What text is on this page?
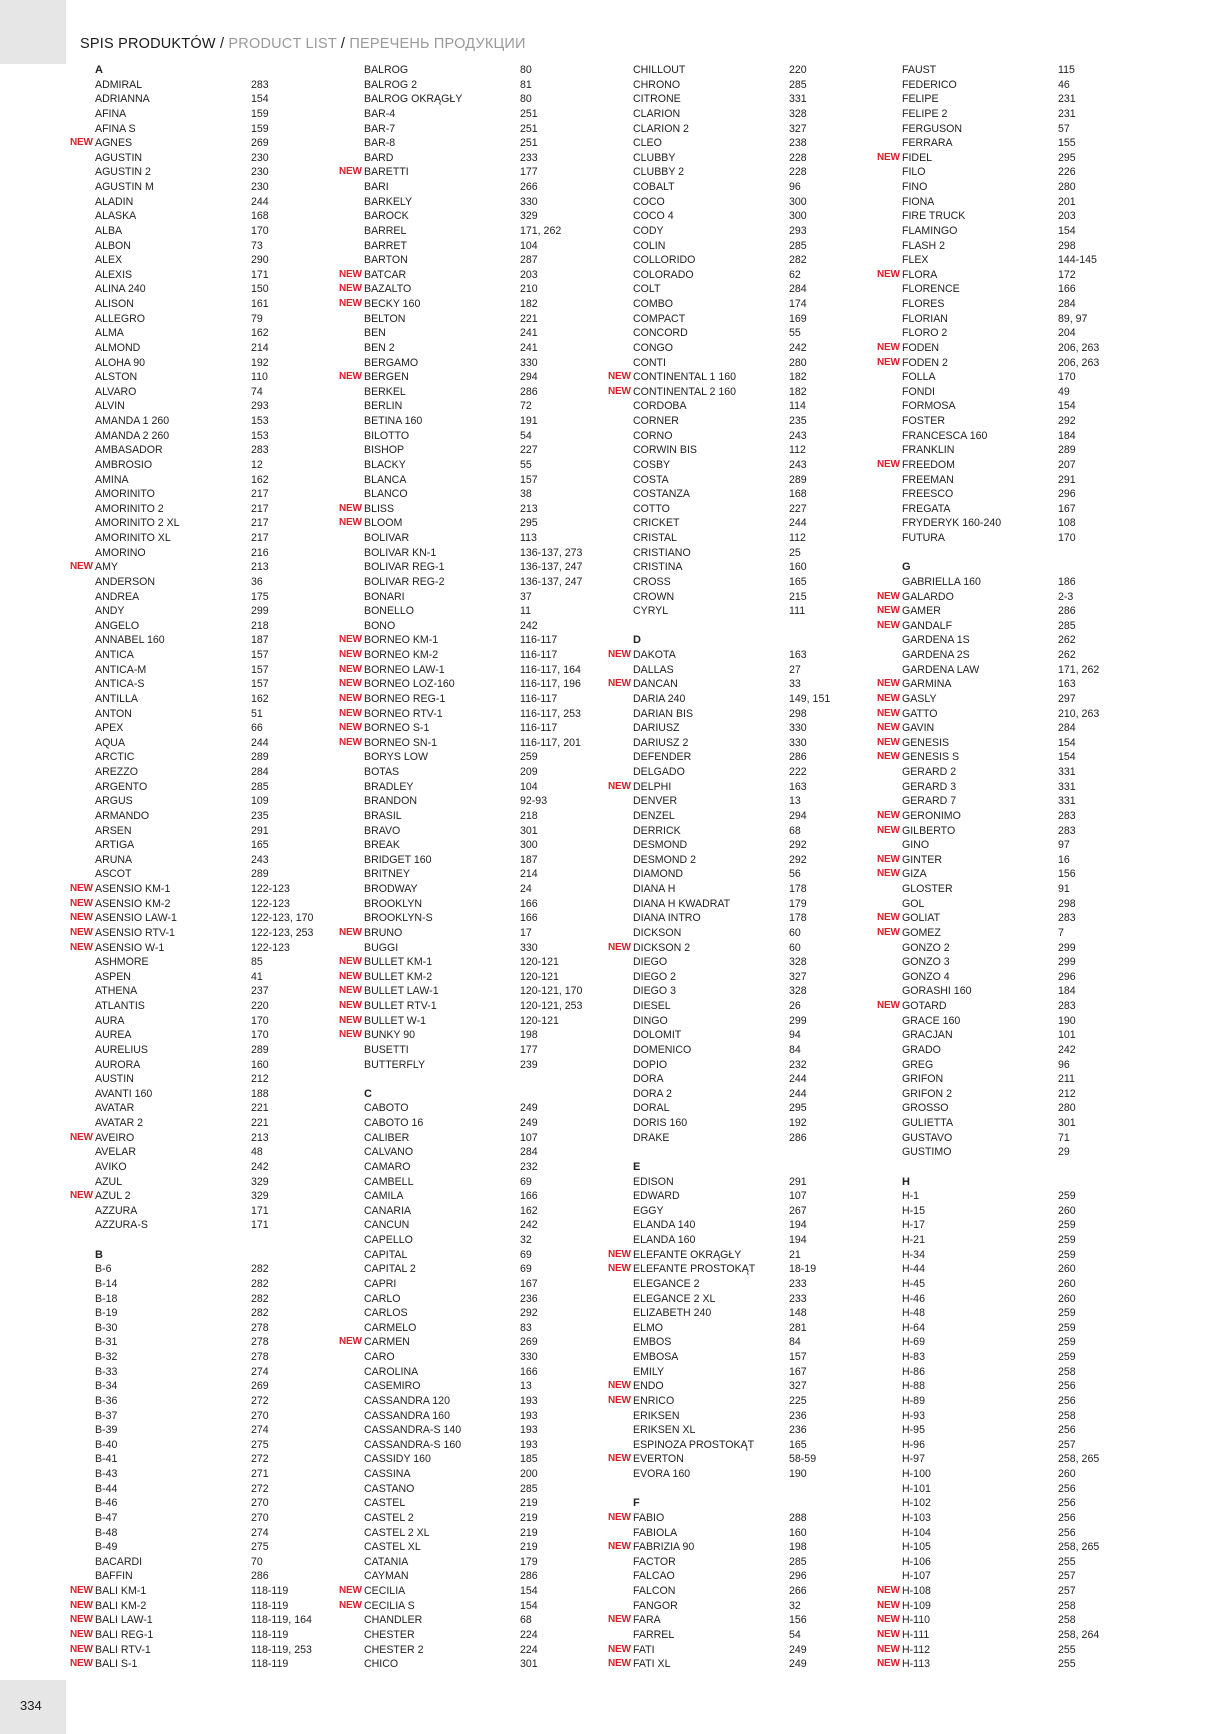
SPIS PRODUKTÓW / PRODUCT LIST / ПЕРЕЧЕНЬ ПРОДУКЦИИ
A
ADMIRAL	283
ADRIANNA	154
AFINA	159
AFINA S	159
NEW AGNES	269
AGUSTIN	230
AGUSTIN 2	230
AGUSTIN M	230
ALADIN	244
ALASKA	168
ALBA	170
ALBON	73
ALEX	290
ALEXIS	171
ALINA 240	150
ALISON	161
ALLEGRO	79
ALMA	162
ALMOND	214
ALOHA 90	192
ALSTON	110
ALVARO	74
ALVIN	293
AMANDA 1 260	153
AMANDA 2 260	153
AMBASADOR	283
AMBROSIO	12
AMINA	162
AMORINITO	217
AMORINITO 2	217
AMORINITO 2 XL	217
AMORINITO XL	217
AMORINO	216
NEW AMY	213
ANDERSON	36
ANDREA	175
ANDY	299
ANGELO	218
ANNABEL 160	187
ANTICA	157
ANTICA-M	157
ANTICA-S	157
ANTILLA	162
ANTON	51
APEX	66
AQUA	244
ARCTIC	289
AREZZO	284
ARGENTO	285
ARGUS	109
ARMANDO	235
ARSEN	291
ARTIGA	165
ARUNA	243
ASCOT	289
NEW ASENSIO KM-1	122-123
NEW ASENSIO KM-2	122-123
NEW ASENSIO LAW-1	122-123, 170
NEW ASENSIO RTV-1	122-123, 253
NEW ASENSIO W-1	122-123
ASHMORE	85
ASPEN	41
ATHENA	237
ATLANTIS	220
AURA	170
AUREA	170
AURELIUS	289
AURORA	160
AUSTIN	212
AVANTI 160	188
AVATAR	221
AVATAR 2	221
NEW AVEIRO	213
AVELAR	48
AVIKO	242
AZUL	329
NEW AZUL 2	329
AZZURA	171
AZZURA-S	171
B
B-6	282
B-14	282
B-18	282
B-19	282
B-30	278
B-31	278
B-32	278
B-33	274
B-34	269
B-36	272
B-37	270
B-39	274
B-40	275
B-41	272
B-43	271
B-44	272
B-46	270
B-47	270
B-48	274
B-49	275
BACARDI	70
BAFFIN	286
NEW BALI KM-1	118-119
NEW BALI KM-2	118-119
NEW BALI LAW-1	118-119, 164
NEW BALI REG-1	118-119
NEW BALI RTV-1	118-119, 253
NEW BALI S-1	118-119
BALROG	80
BALROG 2	81
BALROG OKRĄGŁY	80
BAR-4	251
BAR-7	251
BAR-8	251
BARD	233
NEW BARETTI	177
BARI	266
BARKELY	330
BAROCK	329
BARREL	171, 262
BARRET	104
BARTON	287
NEW BATCAR	203
NEW BAZALTO	210
NEW BECKY 160	182
BELTON	221
BEN	241
BEN 2	241
BERGAMO	330
NEW BERGEN	294
BERKEL	286
BERLIN	72
BETINA 160	191
BILOTTO	54
BISHOP	227
BLACKY	55
BLANCA	157
BLANCO	38
NEW BLISS	213
NEW BLOOM	295
BOLIVAR	113
BOLIVAR KN-1	136-137, 273
BOLIVAR REG-1	136-137, 247
BOLIVAR REG-2	136-137, 247
BONARI	37
BONELLO	11
BONO	242
NEW BORNEO KM-1	116-117
NEW BORNEO KM-2	116-117
NEW BORNEO LAW-1	116-117, 164
NEW BORNEO LOZ-160	116-117, 196
NEW BORNEO REG-1	116-117
NEW BORNEO RTV-1	116-117, 253
NEW BORNEO S-1	116-117
NEW BORNEO SN-1	116-117, 201
BORYS LOW	259
BOTAS	209
BRADLEY	104
BRANDON	92-93
BRASIL	218
BRAVO	301
BREAK	300
BRIDGET 160	187
BRITNEY	214
BRODWAY	24
BROOKLYN	166
BROOKLYN-S	166
NEW BRUNO	17
BUGGI	330
NEW BULLET KM-1	120-121
NEW BULLET KM-2	120-121
NEW BULLET LAW-1	120-121, 170
NEW BULLET RTV-1	120-121, 253
NEW BULLET W-1	120-121
NEW BUNKY 90	198
BUSETTI	177
BUTTERFLY	239
C
CABOTO	249
CABOTO 16	249
CALIBER	107
CALVANO	284
CAMARO	232
CAMBELL	69
CAMILA	166
CANARIA	162
CANCUN	242
CAPELLO	32
CAPITAL	69
CAPITAL 2	69
CAPRI	167
CARLO	236
CARLOS	292
CARMELO	83
NEW CARMEN	269
CARO	330
CAROLINA	166
CASEMIRO	13
CASSANDRA 120	193
CASSANDRA 160	193
CASSANDRA-S 140	193
CASSANDRA-S 160	193
CASSIDY 160	185
CASSINA	200
CASTANO	285
CASTEL	219
CASTEL 2	219
CASTEL 2 XL	219
CASTEL XL	219
CATANIA	179
CAYMAN	286
NEW CECILIA	154
NEW CECILIA S	154
CHANDLER	68
CHESTER	224
CHESTER 2	224
CHICO	301
CHILLOUT	220
CHRONO	285
CITRONE	331
CLARION	328
CLARION 2	327
CLEO	238
CLUBBY	228
CLUBBY 2	228
COBALT	96
COCO	300
COCO 4	300
CODY	293
COLIN	285
COLLORIDO	282
COLORADO	62
COLT	284
COMBO	174
COMPACT	169
CONCORD	55
CONGO	242
CONTI	280
NEW CONTINENTAL 1 160	182
NEW CONTINENTAL 2 160	182
CORDOBA	114
CORNER	235
CORNO	243
CORWIN BIS	112
COSBY	243
COSTA	289
COSTANZA	168
COTTO	227
CRICKET	244
CRISTAL	112
CRISTIANO	25
CRISTINA	160
CROSS	165
CROWN	215
CYRYL	111
D
NEW DAKOTA	163
DALLAS	27
NEW DANCAN	33
DARIA 240	149, 151
DARIAN BIS	298
DARIUSZ	330
DARIUSZ 2	330
DEFENDER	286
DELGADO	222
NEW DELPHI	163
DENVER	13
DENZEL	294
DERRICK	68
DESMOND	292
DESMOND 2	292
DIAMOND	56
DIANA H	178
DIANA H KWADRAT	179
DIANA INTRO	178
DICKSON	60
NEW DICKSON 2	60
DIEGO	328
DIEGO 2	327
DIEGO 3	328
DIESEL	26
DINGO	299
DOLOMIT	94
DOMENICO	84
DOPIO	232
DORA	244
DORA 2	244
DORAL	295
DORIS 160	192
DRAKE	286
E
EDISON	291
EDWARD	107
EGGY	267
ELANDA 140	194
ELANDA 160	194
NEW ELEFANTE OKRĄGŁY	21
NEW ELEFANTE PROSTOKĄT	18-19
ELEGANCE 2	233
ELEGANCE 2 XL	233
ELIZABETH 240	148
ELMO	281
EMBOS	84
EMBOSA	157
EMILY	167
NEW ENDO	327
NEW ENRICO	225
ERIKSEN	236
ERIKSEN XL	236
ESPINOZA PROSTOKĄT	165
NEW EVERTON	58-59
EVORA 160	190
F
NEW FABIO	288
FABIOLA	160
NEW FABRIZIA 90	198
FACTOR	285
FALCAO	296
FALCON	266
FANGOR	32
NEW FARA	156
FARREL	54
NEW FATI	249
NEW FATI XL	249
FAUST	115
FEDERICO	46
FELIPE	231
FELIPE 2	231
FERGUSON	57
FERRARA	155
NEW FIDEL	295
FILO	226
FINO	280
FIONA	201
FIRE TRUCK	203
FLAMINGO	154
FLASH 2	298
FLEX	144-145
NEW FLORA	172
FLORENCE	166
FLORES	284
FLORIAN	89, 97
FLORO 2	204
NEW FODEN	206, 263
NEW FODEN 2	206, 263
FOLLA	170
FONDI	49
FORMOSA	154
FOSTER	292
FRANCESCA 160	184
FRANKLIN	289
NEW FREEDOM	207
FREEMAN	291
FREESCO	296
FREGATA	167
FRYDERYK 160-240	108
FUTURA	170
G
GABRIELLA 160	186
NEW GALARDO	2-3
NEW GAMER	286
NEW GANDALF	285
GARDENA 1S	262
GARDENA 2S	262
GARDENA LAW	171, 262
NEW GARMINA	163
NEW GASLY	297
NEW GATTO	210, 263
NEW GAVIN	284
NEW GENESIS	154
NEW GENESIS S	154
GERARD 2	331
GERARD 3	331
GERARD 7	331
NEW GERONIMO	283
NEW GILBERTO	283
GINO	97
NEW GINTER	16
NEW GIZA	156
GLOSTER	91
GOL	298
NEW GOLIAT	283
NEW GOMEZ	7
GONZO 2	299
GONZO 3	299
GONZO 4	296
GORASHI 160	184
NEW GOTARD	283
GRACE 160	190
GRACJAN	101
GRADO	242
GREG	96
GRIFON	211
GRIFON 2	212
GROSSO	280
GULIETTA	301
GUSTAVO	71
GUSTIMO	29
H
H-1	259
H-15	260
H-17	259
H-21	259
H-34	259
H-44	260
H-45	260
H-46	260
H-48	259
H-64	259
H-69	259
H-83	259
H-86	258
H-88	256
H-89	256
H-93	258
H-95	256
H-96	257
H-97	258, 265
H-100	260
H-101	256
H-102	256
H-103	256
H-104	256
H-105	258, 265
H-106	255
H-107	257
NEW H-108	257
NEW H-109	258
NEW H-110	258
NEW H-111	258, 264
NEW H-112	255
NEW H-113	255
334
